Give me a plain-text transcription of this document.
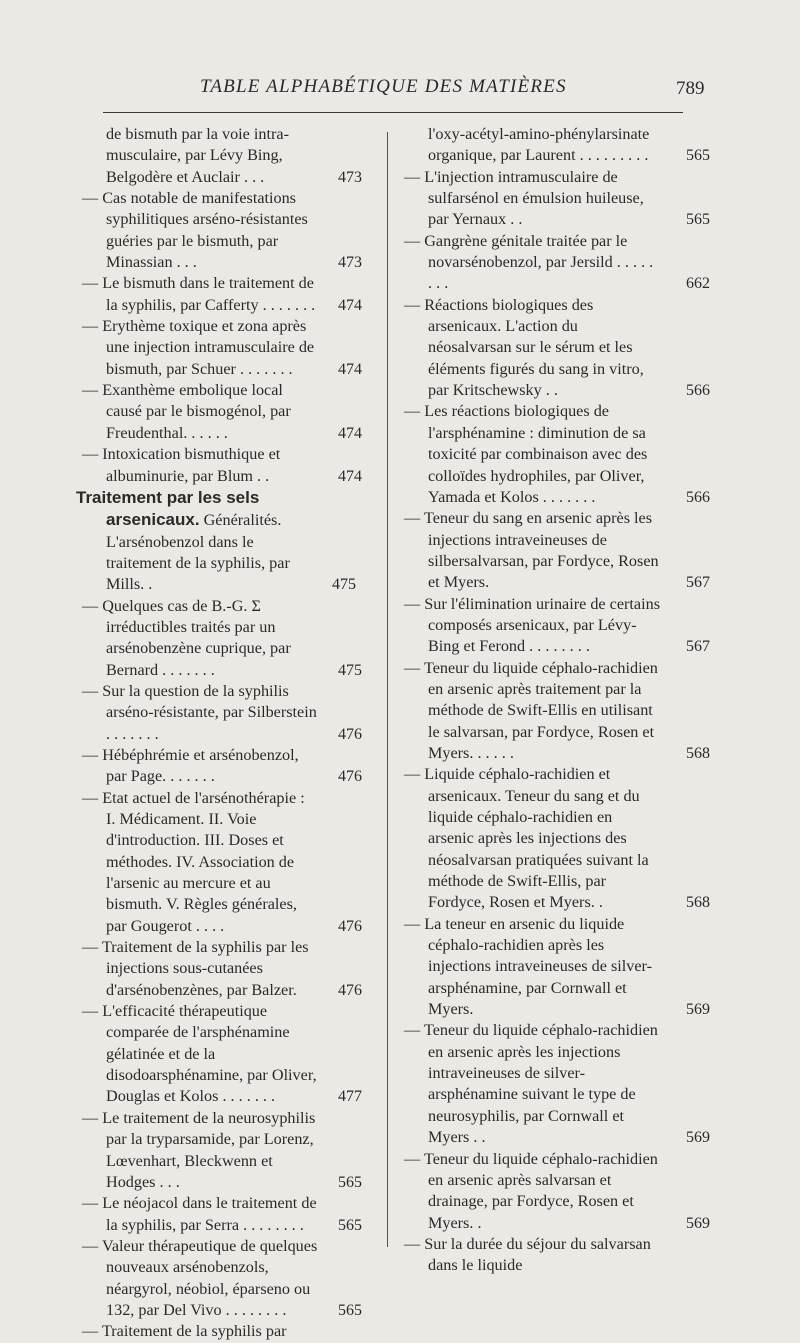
TABLE ALPHABÉTIQUE DES MATIÈRES	789
de bismuth par la voie intra-musculaire, par Lévy Bing, Belgodère et Auclair . . .	473
— Cas notable de manifestations syphilitiques arséno-résistantes guéries par le bismuth, par Minassian . . .	473
— Le bismuth dans le traitement de la syphilis, par Cafferty . . . . . . . 474
— Erythème toxique et zona après une injection intramusculaire de bismuth, par Schuer . . . . . . .	474
— Exanthème embolique local causé par le bismogénol, par Freudenthal. . . . . .	474
— Intoxication bismuthique et albuminurie, par Blum . .	474
Traitement par les sels arsenicaux. Généralités. L'arsénobenzol dans le traitement de la syphilis, par Mills. .	475
— Quelques cas de B.-G. Σ irréductibles traités par un arsénobenzène cuprique, par Bernard . . . . . . .	475
— Sur la question de la syphilis arséno-résistante, par Silberstein . . . . . . .	476
— Hébéphrémie et arsénobenzol, par Page. . . . . . .	476
— Etat actuel de l'arsénothérapie : I. Médicament. II. Voie d'introduction. III. Doses et méthodes. IV. Association de l'arsenic au mercure et au bismuth. V. Règles générales, par Gougerot . . . .	476
— Traitement de la syphilis par les injections sous-cutanées d'arsénobenzènes, par Balzer.	476
— L'efficacité thérapeutique comparée de l'arsphénamine gélatinée et de la disodoarsphénamine, par Oliver, Douglas et Kolos . . . . . . .	477
— Le traitement de la neurosyphilis par la tryparsamide, par Lorenz, Lœvenhart, Bleckwenn et Hodges . . .	565
— Le néojacol dans le traitement de la syphilis, par Serra . . . . . . . . 565
— Valeur thérapeutique de quelques nouveaux arsénobenzols, néargyrol, néobiol, éparseno ou 132, par Del Vivo . . . . . . . .	565
— Traitement de la syphilis par
l'oxy-acétyl-amino-phénylarsinate organique, par Laurent . . . . . . . . . 565
— L'injection intramusculaire de sulfarsénol en émulsion huileuse, par Yernaux . .	565
— Gangrène génitale traitée par le novarsénobenzol, par Jersild . . . . . . . .	662
— Réactions biologiques des arsenicaux. L'action du néosalvarsan sur le sérum et les éléments figurés du sang in vitro, par Kritschewsky . .	566
— Les réactions biologiques de l'arsphénamine : diminution de sa toxicité par combinaison avec des colloïdes hydrophiles, par Oliver, Yamada et Kolos . . . . . . .	566
— Teneur du sang en arsenic après les injections intraveineuses de silbersalvarsan, par Fordyce, Rosen et Myers.	567
— Sur l'élimination urinaire de certains composés arsenicaux, par Lévy-Bing et Ferond . . . . . . . .	567
— Teneur du liquide céphalo-rachidien en arsenic après traitement par la méthode de Swift-Ellis en utilisant le salvarsan, par Fordyce, Rosen et Myers. . . . . .	568
— Liquide céphalo-rachidien et arsenicaux. Teneur du sang et du liquide céphalo-rachidien en arsenic après les injections des néosalvarsan pratiquées suivant la méthode de Swift-Ellis, par Fordyce, Rosen et Myers. .	568
— La teneur en arsenic du liquide céphalo-rachidien après les injections intraveineuses de silver-arsphénamine, par Cornwall et Myers.	569
— Teneur du liquide céphalo-rachidien en arsenic après les injections intraveineuses de silver-arsphénamine suivant le type de neurosyphilis, par Cornwall et Myers . .	569
— Teneur du liquide céphalo-rachidien en arsenic après salvarsan et drainage, par Fordyce, Rosen et Myers. .	569
— Sur la durée du séjour du salvarsan dans le liquide
